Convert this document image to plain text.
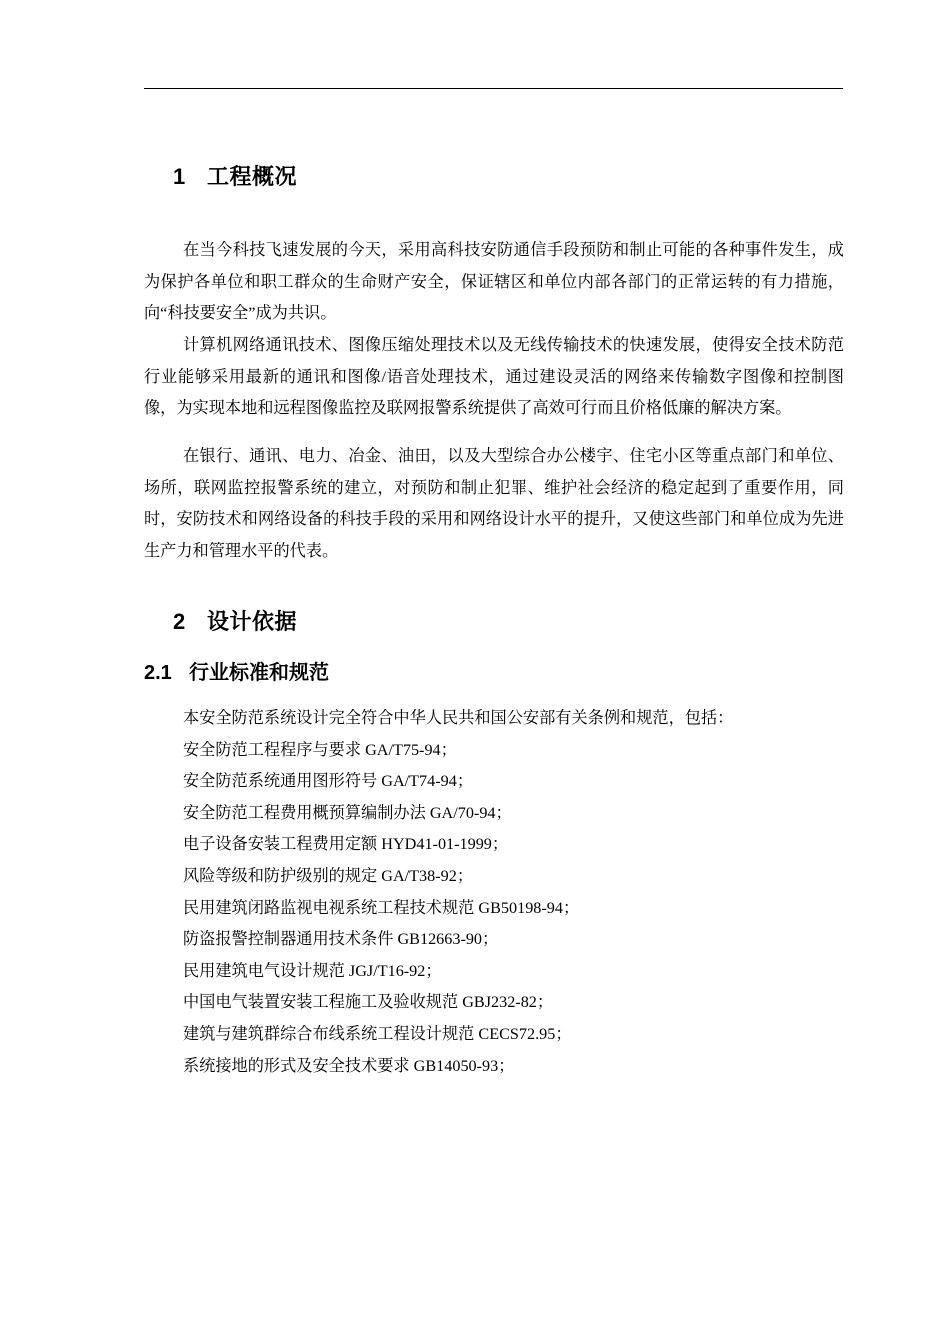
1 工程概况

在当今科技飞速发展的今天，采用高科技安防通信手段预防和制止可能的各种事件发生，成为保护各单位和职工群众的生命财产安全，保证辖区和单位内部各部门的正常运转的有力措施，向“科技要安全”成为共识。

计算机网络通讯技术、图像压缩处理技术以及无线传输技术的快速发展，使得安全技术防范行业能够采用最新的通讯和图像/语音处理技术，通过建设灵活的网络来传输数字图像和控制图像，为实现本地和远程图像监控及联网报警系统提供了高效可行而且价格低廉的解决方案。

在银行、通讯、电力、冶金、油田，以及大型综合办公楼宇、住宅小区等重点部门和单位、场所，联网监控报警系统的建立，对预防和制止犯罪、维护社会经济的稳定起到了重要作用，同时，安防技术和网络设备的科技手段的采用和网络设计水平的提升，又使这些部门和单位成为先进生产力和管理水平的代表。

2 设计依据
2.1 行业标准和规范
本安全防范系统设计完全符合中华人民共和国公安部有关条例和规范，包括：
安全防范工程程序与要求 GA/T75-94；
安全防范系统通用图形符号 GA/T74-94；
安全防范工程费用概预算编制办法 GA/70-94；
电子设备安装工程费用定额 HYD41-01-1999；
风险等级和防护级别的规定 GA/T38-92；
民用建筑闭路监视电视系统工程技术规范 GB50198-94；
防盗报警控制器通用技术条件 GB12663-90；
民用建筑电气设计规范 JGJ/T16-92；
中国电气装置安装工程施工及验收规范 GBJ232-82；
建筑与建筑群综合布线系统工程设计规范 CECS72.95；
系统接地的形式及安全技术要求 GB14050-93；
